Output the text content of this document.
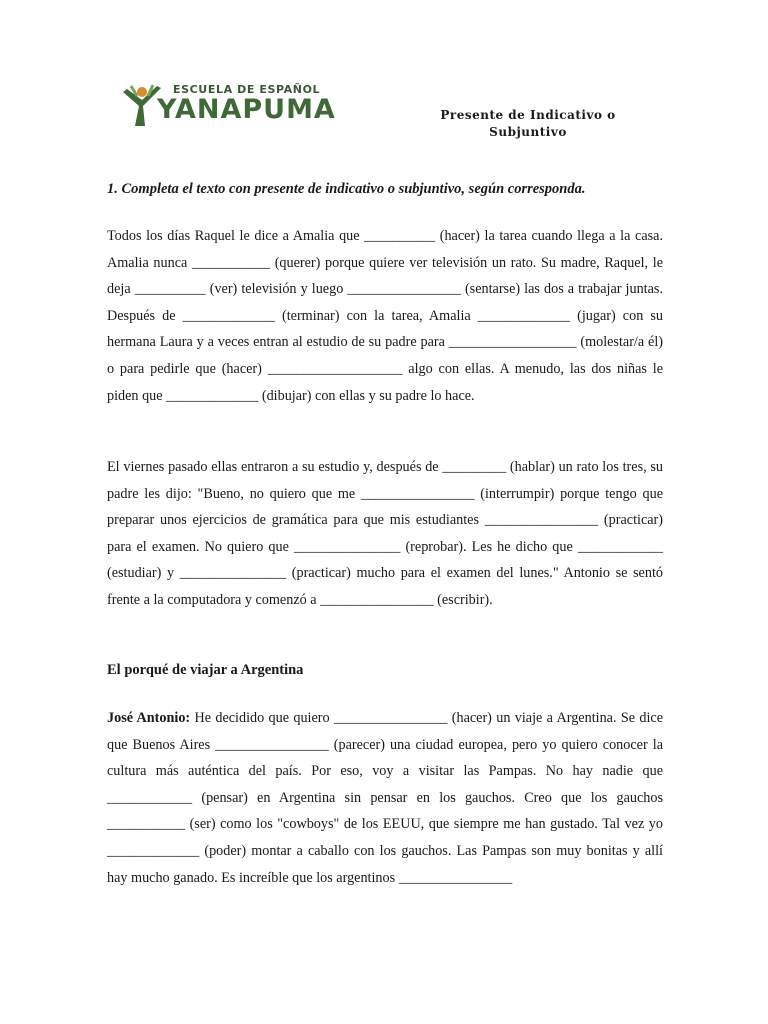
ESCUELA DE ESPAÑOL
YANAPUMA	Presente de Indicativo o
Subjuntivo
1. Completa el texto con presente de indicativo o subjuntivo, según corresponda.

Todos los días Raquel le dice a Amalia que __________ (hacer) la tarea cuando llega a la casa. Amalia nunca ___________ (querer) porque quiere ver televisión un rato. Su madre, Raquel, le deja __________ (ver) televisión y luego ________________ (sentarse) las dos a trabajar juntas. Después de _____________ (terminar) con la tarea, Amalia _____________ (jugar) con su hermana Laura y a veces entran al estudio de su padre para __________________ (molestar/a él) o para pedirle que (hacer) ___________________ algo con ellas. A menudo, las dos niñas le piden que _____________ (dibujar) con ellas y su padre lo hace.

El viernes pasado ellas entraron a su estudio y, después de _________ (hablar) un rato los tres, su padre les dijo: "Bueno, no quiero que me ________________ (interrumpir) porque tengo que preparar unos ejercicios de gramática para que mis estudiantes ________________ (practicar) para el examen. No quiero que _______________ (reprobar). Les he dicho que ____________ (estudiar) y _______________ (practicar) mucho para el examen del lunes." Antonio se sentó frente a la computadora y comenzó a ________________ (escribir).

El porqué de viajar a Argentina

José Antonio: He decidido que quiero ________________ (hacer) un viaje a Argentina. Se dice que Buenos Aires ________________ (parecer) una ciudad europea, pero yo quiero conocer la cultura más auténtica del país. Por eso, voy a visitar las Pampas. No hay nadie que ____________ (pensar) en Argentina sin pensar en los gauchos. Creo que los gauchos ___________ (ser) como los "cowboys" de los EEUU, que siempre me han gustado. Tal vez yo _____________ (poder) montar a caballo con los gauchos. Las Pampas son muy bonitas y allí hay mucho ganado. Es increíble que los argentinos ________________
